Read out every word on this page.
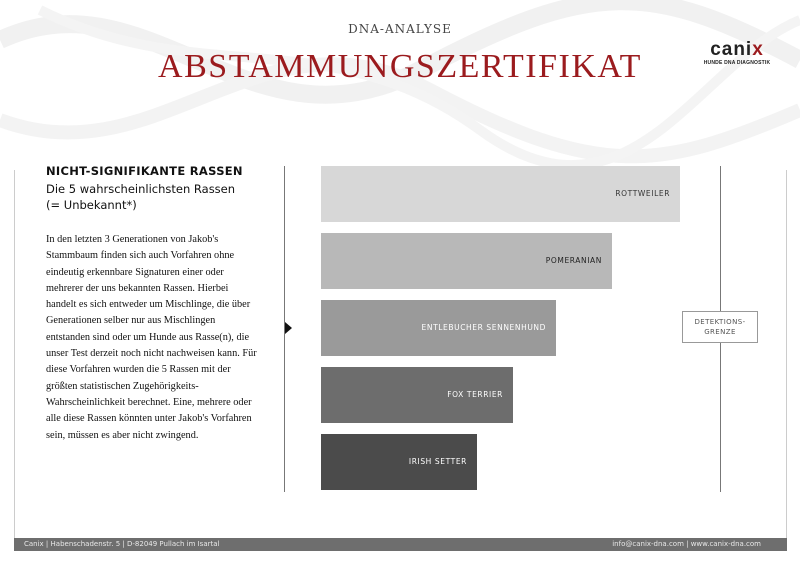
DNA-ANALYSE
ABSTAMMUNGSZERTIFIKAT	canix
HUNDE DNA DIAGNOSTIK
NICHT-SIGNIFIKANTE RASSEN
Die 5 wahrscheinlichsten Rassen
(= Unbekannt*)
In den letzten 3 Generationen von Jakob's Stammbaum finden sich auch Vorfahren ohne eindeutig erkennbare Signaturen einer oder mehrerer der uns bekannten Rassen. Hierbei handelt es sich entweder um Mischlinge, die über Generationen selber nur aus Mischlingen entstanden sind oder um Hunde aus Rasse(n), die unser Test derzeit noch nicht nachweisen kann. Für diese Vorfahren wurden die 5 Rassen mit der größten statistischen Zugehörigkeits-Wahrscheinlichkeit berechnet. Eine, mehrere oder alle diese Rassen könnten unter Jakob's Vorfahren sein, müssen es aber nicht zwingend.
ROTTWEILER
POMERANIAN
ENTLEBUCHER SENNENHUND
FOX TERRIER
IRISH SETTER
DETEKTIONS-
GRENZE
Canix | Habenschadenstr. 5 | D-82049 Pullach im Isartal	info@canix-dna.com | www.canix-dna.com
